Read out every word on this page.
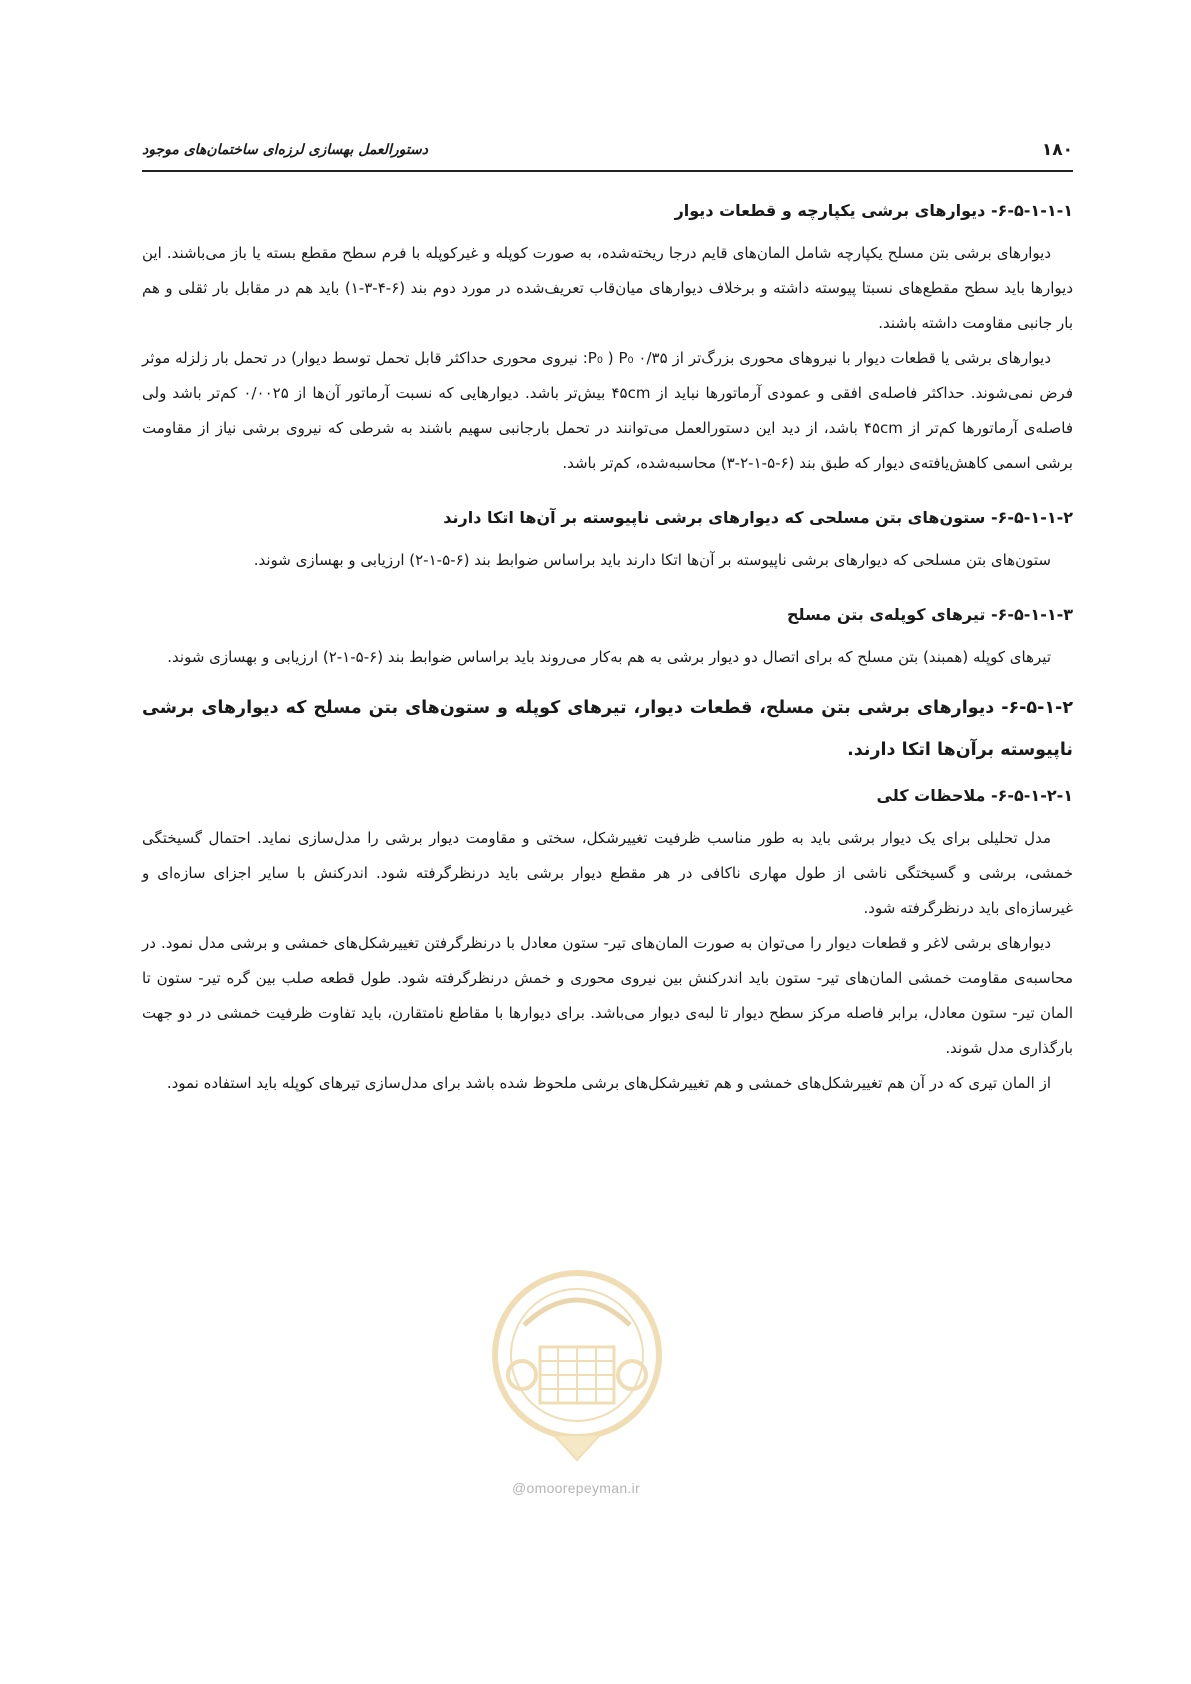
۱۸۰
دستورالعمل بهسازی لرزه‌ای ساختمان‌های موجود
۶-۵-۱-۱-۱- دیوارهای برشی یکپارچه و قطعات دیوار

دیوارهای برشی بتن مسلح یکپارچه شامل المان‌های قایم درجا ریخته‌شده، به صورت کوپله و غیرکوپله با فرم سطح مقطع بسته یا باز می‌باشند. این دیوارها باید سطح مقطع‌های نسبتا پیوسته داشته و برخلاف دیوارهای میان‌قاب تعریف‌شده در مورد دوم بند (۶-۴-۳-۱) باید هم در مقابل بار ثقلی و هم بار جانبی مقاومت داشته باشند.

دیوارهای برشی یا قطعات دیوار با نیروهای محوری بزرگ‌تر از P₀ ۰/۳۵ ( P₀: نیروی محوری حداکثر قابل تحمل توسط دیوار) در تحمل بار زلزله موثر فرض نمی‌شوند. حداکثر فاصله‌ی افقی و عمودی آرماتورها نباید از ۴۵cm بیش‌تر باشد. دیوارهایی که نسبت آرماتور آن‌ها از ۰/۰۰۲۵ کم‌تر باشد ولی فاصله‌ی آرماتورها کم‌تر از ۴۵cm باشد، از دید این دستورالعمل می‌توانند در تحمل بارجانبی سهیم باشند به شرطی که نیروی برشی نیاز از مقاومت برشی اسمی کاهش‌یافته‌ی دیوار که طبق بند (۶-۵-۱-۲-۳) محاسبه‌شده، کم‌تر باشد.

۶-۵-۱-۱-۲- ستون‌های بتن مسلحی که دیوارهای برشی ناپیوسته بر آن‌ها اتکا دارند

ستون‌های بتن مسلحی که دیوارهای برشی ناپیوسته بر آن‌ها اتکا دارند باید براساس ضوابط بند (۶-۵-۱-۲) ارزیابی و بهسازی شوند.

۶-۵-۱-۱-۳- تیرهای کوپله‌ی بتن مسلح

تیرهای کوپله (همبند) بتن مسلح که برای اتصال دو دیوار برشی به هم به‌کار می‌روند باید براساس ضوابط بند (۶-۵-۱-۲) ارزیابی و بهسازی شوند.

۶-۵-۱-۲- دیوارهای برشی بتن مسلح، قطعات دیوار، تیرهای کوپله و ستون‌های بتن مسلح که دیوارهای برشی ناپیوسته برآن‌ها اتکا دارند.
۶-۵-۱-۲-۱- ملاحظات کلی

مدل تحلیلی برای یک دیوار برشی باید به طور مناسب ظرفیت تغییرشکل، سختی و مقاومت دیوار برشی را مدل‌سازی نماید. احتمال گسیختگی خمشی، برشی و گسیختگی ناشی از طول مهاری ناکافی در هر مقطع دیوار برشی باید درنظرگرفته شود. اندرکنش با سایر اجزای سازه‌ای و غیرسازه‌ای باید درنظرگرفته شود.

دیوارهای برشی لاغر و قطعات دیوار را می‌توان به صورت المان‌های تیر- ستون معادل با درنظرگرفتن تغییرشکل‌های خمشی و برشی مدل نمود. در محاسبه‌ی مقاومت خمشی المان‌های تیر- ستون باید اندرکنش بین نیروی محوری و خمش درنظرگرفته شود. طول قطعه صلب بین گره تیر- ستون تا المان تیر- ستون معادل، برابر فاصله مرکز سطح دیوار تا لبه‌ی دیوار می‌باشد. برای دیوارها با مقاطع نامتقارن، باید تفاوت ظرفیت خمشی در دو جهت بارگذاری مدل شوند.

از المان تیری که در آن هم تغییرشکل‌های خمشی و هم تغییرشکل‌های برشی ملحوظ شده باشد برای مدل‌سازی تیرهای کوپله باید استفاده نمود.

@omoorepeyman.ir
